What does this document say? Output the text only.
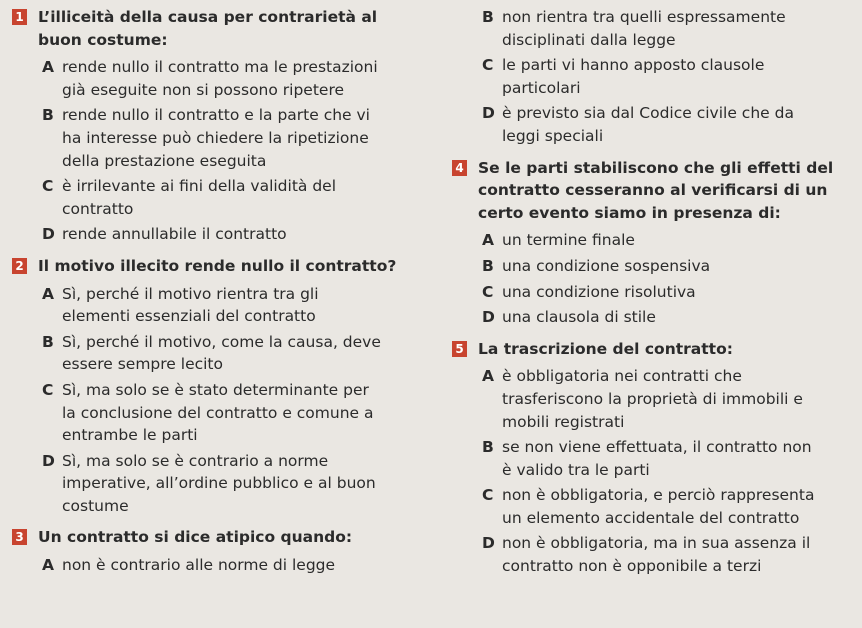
1 L’illiceità della causa per contrarietà al
buon costume:
A rende nullo il contratto ma le prestazioni
già eseguite non si possono ripetere
B rende nullo il contratto e la parte che vi
ha interesse può chiedere la ripetizione
della prestazione eseguita
C è irrilevante ai fini della validità del
contratto
D rende annullabile il contratto
2 Il motivo illecito rende nullo il contratto?
A Sì, perché il motivo rientra tra gli
elementi essenziali del contratto
B Sì, perché il motivo, come la causa, deve
essere sempre lecito
C Sì, ma solo se è stato determinante per
la conclusione del contratto e comune a
entrambe le parti
D Sì, ma solo se è contrario a norme
imperative, all’ordine pubblico e al buon
costume
3 Un contratto si dice atipico quando:
A non è contrario alle norme di legge
B non rientra tra quelli espressamente
disciplinati dalla legge
C le parti vi hanno apposto clausole
particolari
D è previsto sia dal Codice civile che da
leggi speciali
4 Se le parti stabiliscono che gli effetti del
contratto cesseranno al verificarsi di un
certo evento siamo in presenza di:
A un termine finale
B una condizione sospensiva
C una condizione risolutiva
D una clausola di stile
5 La trascrizione del contratto:
A è obbligatoria nei contratti che
trasferiscono la proprietà di immobili e
mobili registrati
B se non viene effettuata, il contratto non
è valido tra le parti
C non è obbligatoria, e perciò rappresenta
un elemento accidentale del contratto
D non è obbligatoria, ma in sua assenza il
contratto non è opponibile a terzi
